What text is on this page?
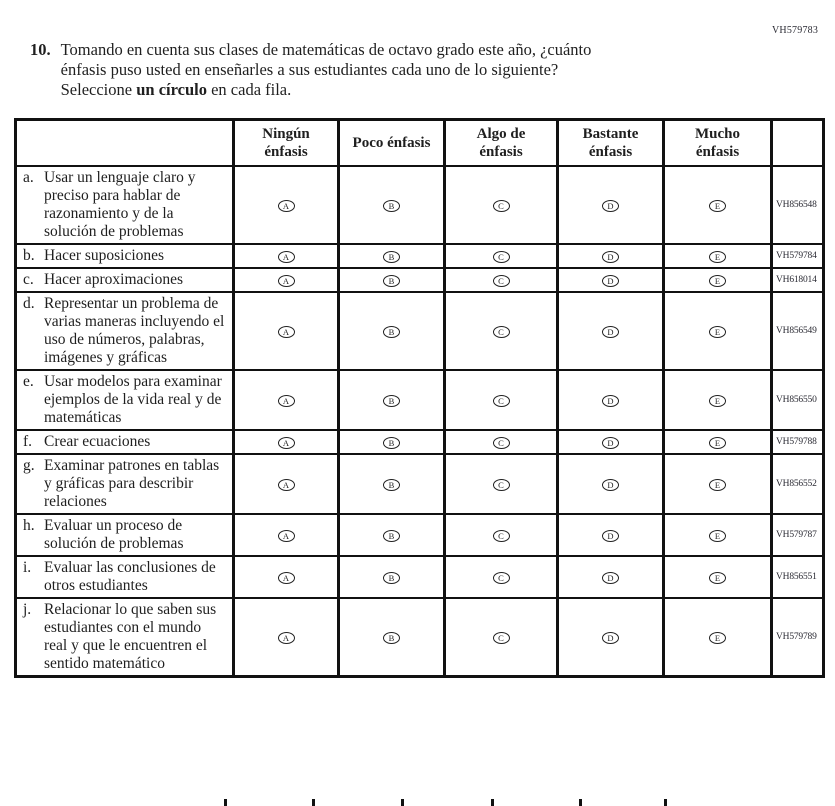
VH579783
10. Tomando en cuenta sus clases de matemáticas de octavo grado este año, ¿cuánto énfasis puso usted en enseñarles a sus estudiantes cada uno de lo siguiente? Seleccione un círculo en cada fila.
	Ningún énfasis	Poco énfasis	Algo de énfasis	Bastante énfasis	Mucho énfasis	

a. Usar un lenguaje claro y preciso para hablar de razonamiento y de la solución de problemas	A	B	C	D	E	VH856548

b. Hacer suposiciones	A	B	C	D	E	VH579784

c. Hacer aproximaciones	A	B	C	D	E	VH618014

d. Representar un problema de varias maneras incluyendo el uso de números, palabras, imágenes y gráficas	A	B	C	D	E	VH856549

e. Usar modelos para examinar ejemplos de la vida real y de matemáticas	A	B	C	D	E	VH856550

f. Crear ecuaciones	A	B	C	D	E	VH579788

g. Examinar patrones en tablas y gráficas para describir relaciones	A	B	C	D	E	VH856552

h. Evaluar un proceso de solución de problemas	A	B	C	D	E	VH579787

i. Evaluar las conclusiones de otros estudiantes	A	B	C	D	E	VH856551

j. Relacionar lo que saben sus estudiantes con el mundo real y que le encuentren el sentido matemático	A	B	C	D	E	VH579789
